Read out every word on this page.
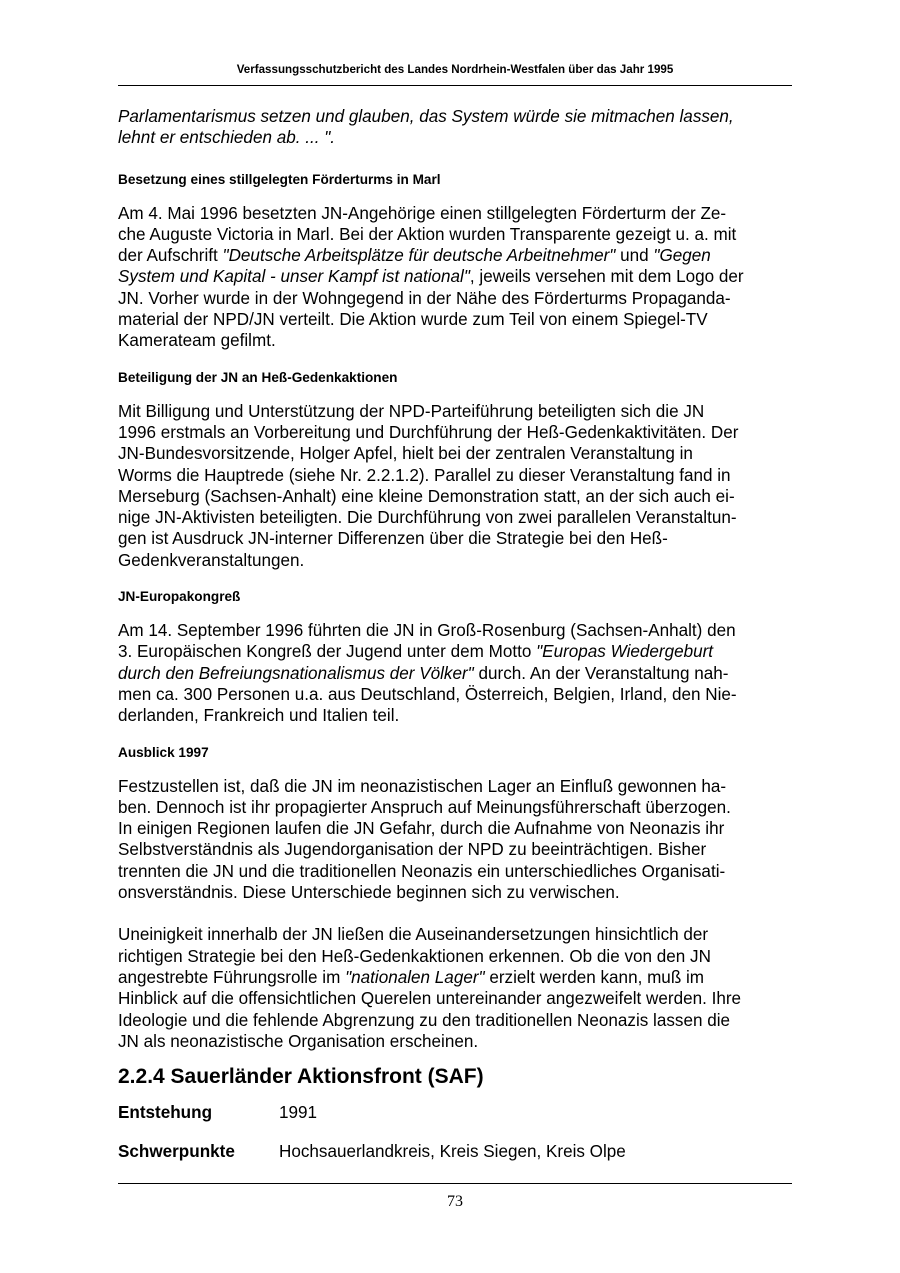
Verfassungsschutzbericht des Landes Nordrhein-Westfalen über das Jahr 1995

Parlamentarismus setzen und glauben, das System würde sie mitmachen lassen,
lehnt er entschieden ab. ... ".

Besetzung eines stillgelegten Förderturms in Marl

Am 4. Mai 1996 besetzten JN-Angehörige einen stillgelegten Förderturm der Ze-
che Auguste Victoria in Marl. Bei der Aktion wurden Transparente gezeigt u. a. mit
der Aufschrift "Deutsche Arbeitsplätze für deutsche Arbeitnehmer" und "Gegen
System und Kapital - unser Kampf ist national", jeweils versehen mit dem Logo der
JN. Vorher wurde in der Wohngegend in der Nähe des Förderturms Propaganda-
material der NPD/JN verteilt. Die Aktion wurde zum Teil von einem Spiegel-TV
Kamerateam gefilmt.

Beteiligung der JN an Heß-Gedenkaktionen

Mit Billigung und Unterstützung der NPD-Parteiführung beteiligten sich die JN
1996 erstmals an Vorbereitung und Durchführung der Heß-Gedenkaktivitäten. Der
JN-Bundesvorsitzende, Holger Apfel, hielt bei der zentralen Veranstaltung in
Worms die Hauptrede (siehe Nr. 2.2.1.2). Parallel zu dieser Veranstaltung fand in
Merseburg (Sachsen-Anhalt) eine kleine Demonstration statt, an der sich auch ei-
nige JN-Aktivisten beteiligten. Die Durchführung von zwei parallelen Veranstaltun-
gen ist Ausdruck JN-interner Differenzen über die Strategie bei den Heß-
Gedenkveranstaltungen.

JN-Europakongreß

Am 14. September 1996 führten die JN in Groß-Rosenburg (Sachsen-Anhalt) den
3. Europäischen Kongreß der Jugend unter dem Motto "Europas Wiedergeburt
durch den Befreiungsnationalismus der Völker" durch. An der Veranstaltung nah-
men ca. 300 Personen u.a. aus Deutschland, Österreich, Belgien, Irland, den Nie-
derlanden, Frankreich und Italien teil.

Ausblick 1997

Festzustellen ist, daß die JN im neonazistischen Lager an Einfluß gewonnen ha-
ben. Dennoch ist ihr propagierter Anspruch auf Meinungsführerschaft überzogen.
In einigen Regionen laufen die JN Gefahr, durch die Aufnahme von Neonazis ihr
Selbstverständnis als Jugendorganisation der NPD zu beeinträchtigen. Bisher
trennten die JN und die traditionellen Neonazis ein unterschiedliches Organisati-
onsverständnis. Diese Unterschiede beginnen sich zu verwischen.

Uneinigkeit innerhalb der JN ließen die Auseinandersetzungen hinsichtlich der
richtigen Strategie bei den Heß-Gedenkaktionen erkennen. Ob die von den JN
angestrebte Führungsrolle im "nationalen Lager" erzielt werden kann, muß im
Hinblick auf die offensichtlichen Querelen untereinander angezweifelt werden. Ihre
Ideologie und die fehlende Abgrenzung zu den traditionellen Neonazis lassen die
JN als neonazistische Organisation erscheinen.

2.2.4 Sauerländer Aktionsfront (SAF)
Entstehung	1991
Schwerpunkte	Hochsauerlandkreis, Kreis Siegen, Kreis Olpe
73
